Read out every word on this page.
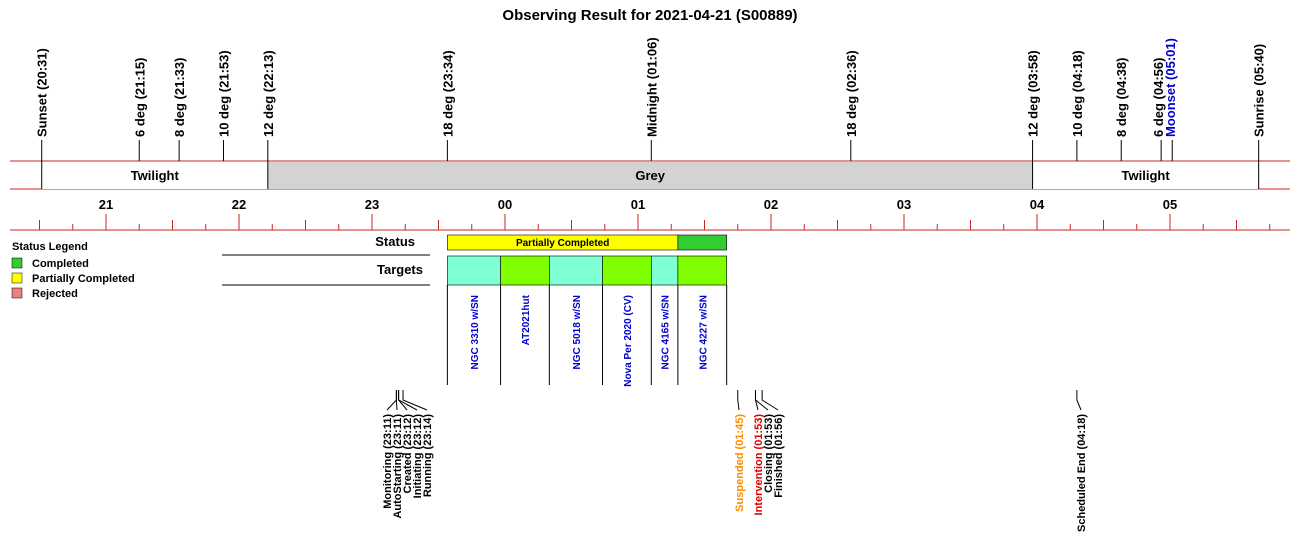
Observing Result for 2021-04-21 (S00889)
Twilight	Grey	Twilight
Sunset (20:31)	6 deg (21:15) 8 deg (21:33) 10 deg (21:53) 12 deg (22:13)	18 deg (23:34)	Midnight (01:06)	18 deg (02:36)	12 deg (03:58) 10 deg (04:18) 8 deg (04:38) 6 deg (04:56)
Moonset (05:01)	Sunrise (05:40)
21	22	23	00	01	02	03	04	05
Status Legend
Completed
Partially Completed
Rejected
Status
Targets
Partially Completed
NGC 3310 w/SN	AT2021hut	NGC 5018 w/SN	Nova Per 2020 (CV)	NGC 4165 w/SN	NGC 4227 w/SN
Monitoring (23:11)
AutoStarting (23:11)
Created (23:12)
Initiating (23:12)
Running (23:14)	Suspended (01:45) Intervention (01:53)
Closing (01:53)
Finished (01:56)	Scheduled End (04:18)
